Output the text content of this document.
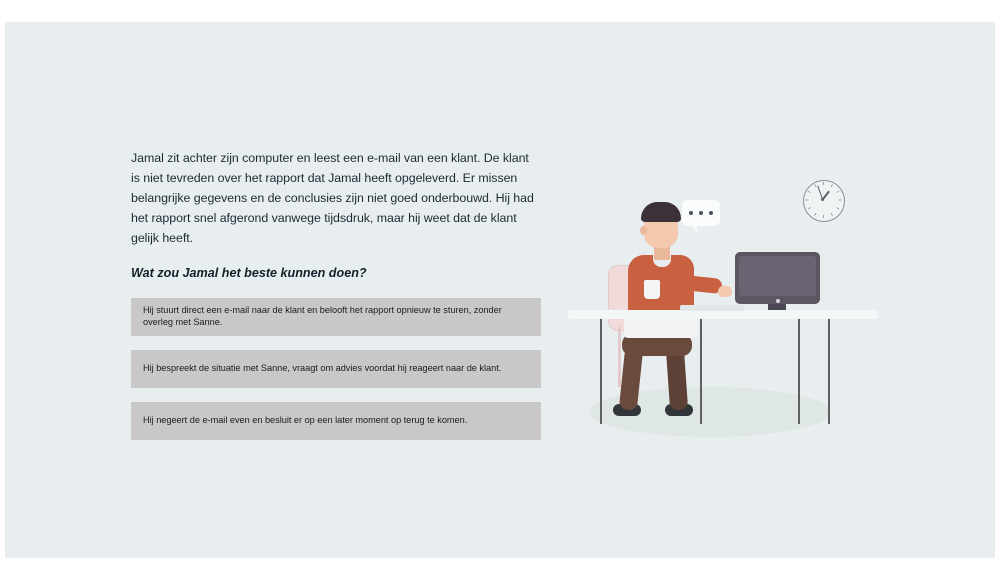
Jamal zit achter zijn computer en leest een e-mail van een klant. De klant is niet tevreden over het rapport dat Jamal heeft opgeleverd. Er missen belangrijke gegevens en de conclusies zijn niet goed onderbouwd. Hij had het rapport snel afgerond vanwege tijdsdruk, maar hij weet dat de klant gelijk heeft.

Wat zou Jamal het beste kunnen doen?

Hij stuurt direct een e-mail naar de klant en belooft het rapport opnieuw te sturen, zonder overleg met Sanne.
Hij bespreekt de situatie met Sanne, vraagt om advies voordat hij reageert naar de klant.
Hij negeert de e-mail even en besluit er op een later moment op terug te komen.
